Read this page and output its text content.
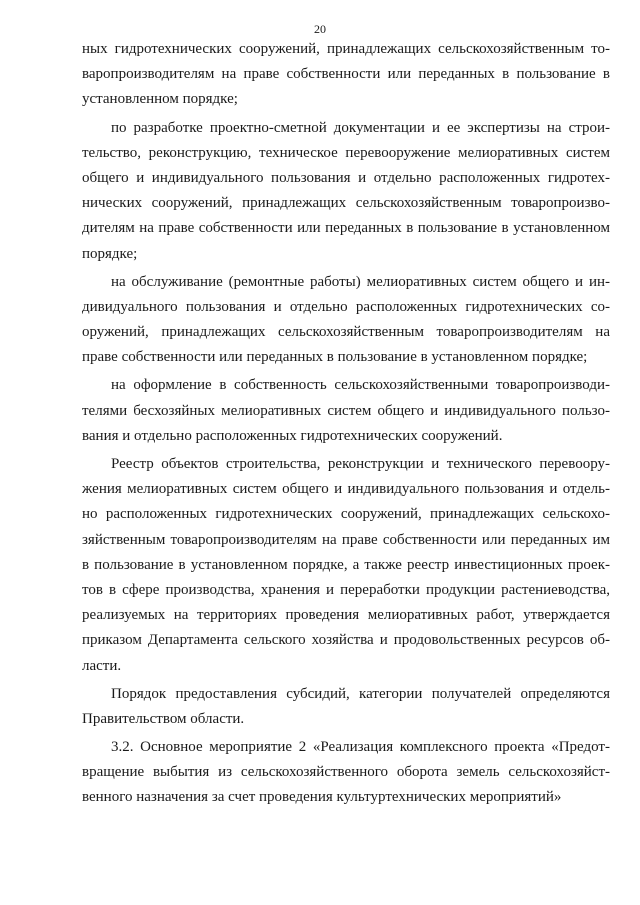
20
ных гидротехнических сооружений, принадлежащих сельскохозяйственным то-
варопроизводителям на праве собственности или переданных в пользование в
установленном порядке;
по разработке проектно-сметной документации и ее экспертизы на строи-
тельство, реконструкцию, техническое перевооружение мелиоративных систем
общего и индивидуального пользования и отдельно расположенных гидротех-
нических сооружений, принадлежащих сельскохозяйственным товаропроизво-
дителям на праве собственности или переданных в пользование в установленном
порядке;
на обслуживание (ремонтные работы) мелиоративных систем общего и ин-
дивидуального пользования и отдельно расположенных гидротехнических со-
оружений, принадлежащих сельскохозяйственным товаропроизводителям на
праве собственности или переданных в пользование в установленном порядке;
на оформление в собственность сельскохозяйственными товаропроизводи-
телями бесхозяйных мелиоративных систем общего и индивидуального пользо-
вания и отдельно расположенных гидротехнических сооружений.
Реестр объектов строительства, реконструкции и технического перевоору-
жения мелиоративных систем общего и индивидуального пользования и отдель-
но расположенных гидротехнических сооружений, принадлежащих сельскохо-
зяйственным товаропроизводителям на праве собственности или переданных им
в пользование в установленном порядке, а также реестр инвестиционных проек-
тов в сфере производства, хранения и переработки продукции растениеводства,
реализуемых на территориях проведения мелиоративных работ, утверждается
приказом Департамента сельского хозяйства и продовольственных ресурсов об-
ласти.
Порядок предоставления субсидий, категории получателей определяются
Правительством области.
3.2. Основное мероприятие 2 «Реализация комплексного проекта «Предот-
вращение выбытия из сельскохозяйственного оборота земель сельскохозяйст-
венного назначения за счет проведения культуртехнических мероприятий»
